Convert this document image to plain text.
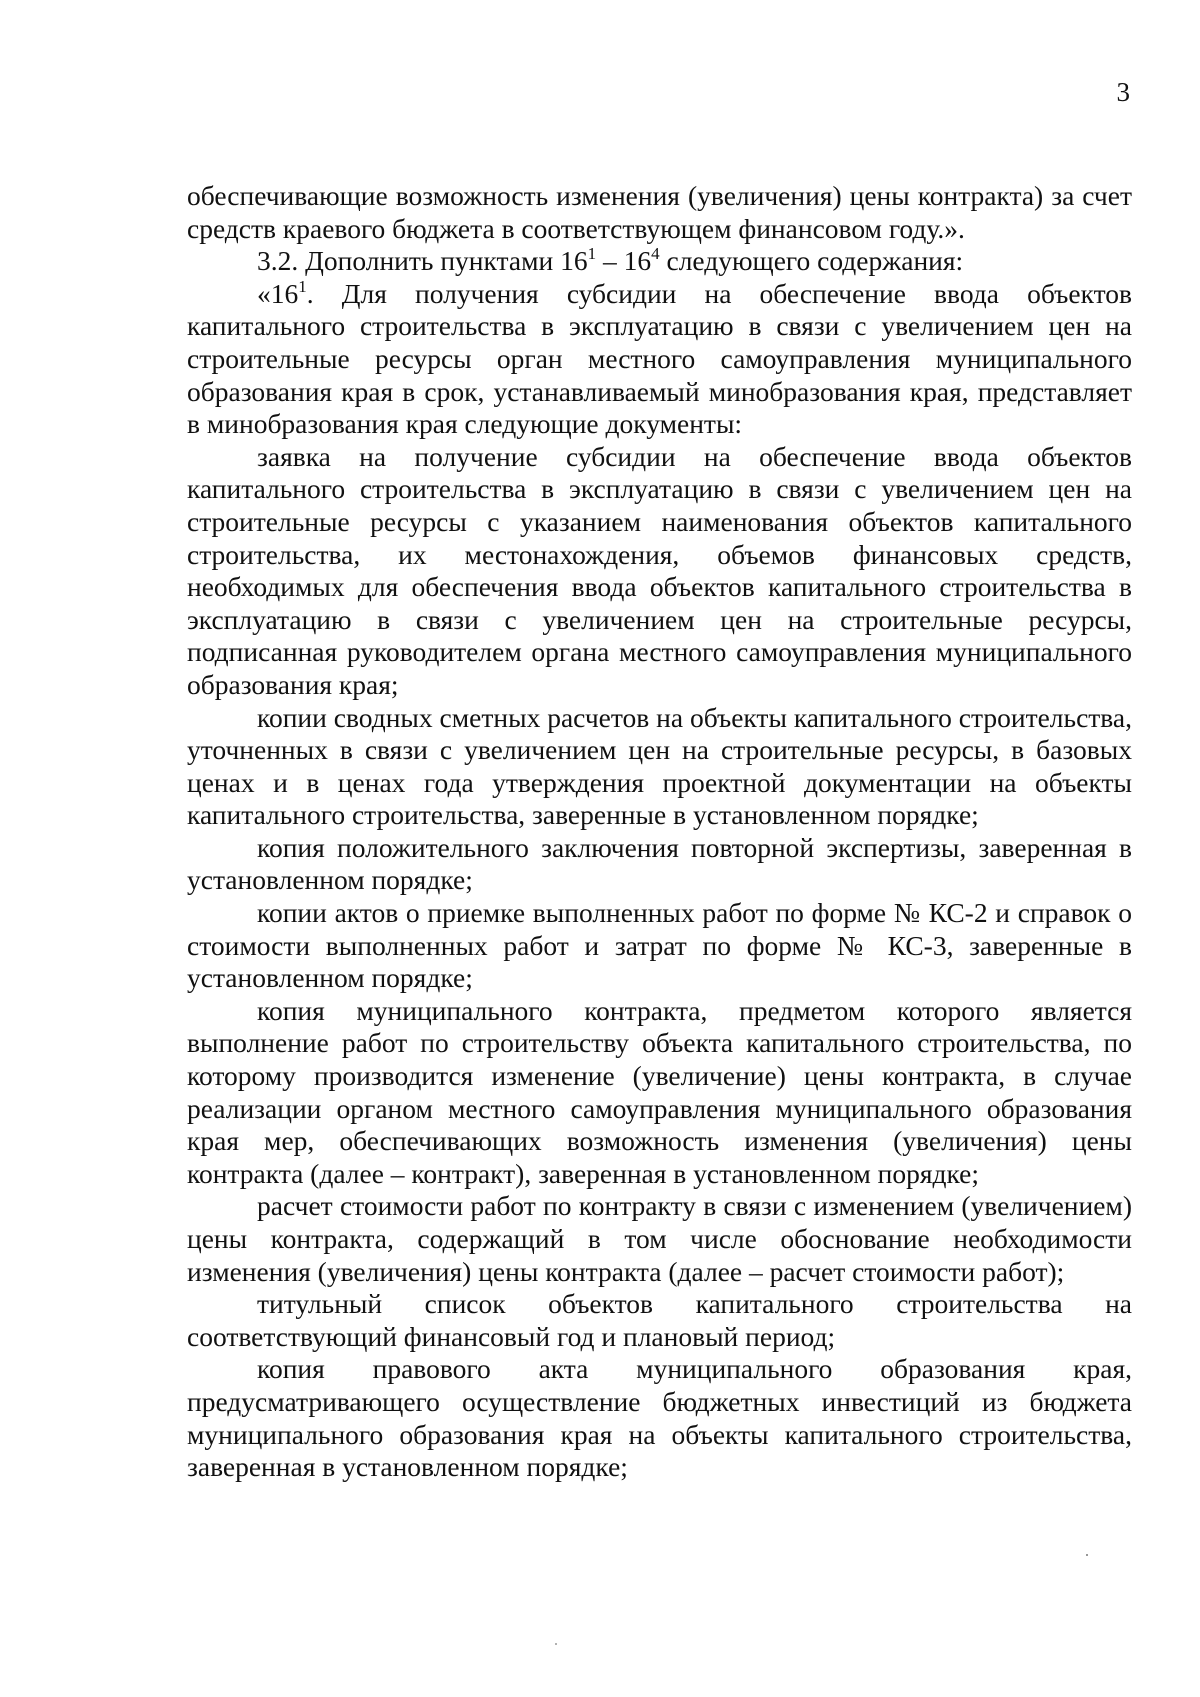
3

обеспечивающие возможность изменения (увеличения) цены контракта) за счет средств краевого бюджета в соответствующем финансовом году.».

3.2. Дополнить пунктами $16^1 - 16^4$ следующего содержания:

«$16^1$. Для получения субсидии на обеспечение ввода объектов капитального строительства в эксплуатацию в связи с увеличением цен на строительные ресурсы орган местного самоуправления муниципального образования края в срок, устанавливаемый минобразования края, представляет в минобразования края следующие документы:

заявка на получение субсидии на обеспечение ввода объектов капитального строительства в эксплуатацию в связи с увеличением цен на строительные ресурсы с указанием наименования объектов капитального строительства, их местонахождения, объемов финансовых средств, необходимых для обеспечения ввода объектов капитального строительства в эксплуатацию в связи с увеличением цен на строительные ресурсы, подписанная руководителем органа местного самоуправления муниципального образования края;

копии сводных сметных расчетов на объекты капитального строительства, уточненных в связи с увеличением цен на строительные ресурсы, в базовых ценах и в ценах года утверждения проектной документации на объекты капитального строительства, заверенные в установленном порядке;

копия положительного заключения повторной экспертизы, заверенная в установленном порядке;

копии актов о приемке выполненных работ по форме № КС-2 и справок о стоимости выполненных работ и затрат по форме № КС-3, заверенные в установленном порядке;

копия муниципального контракта, предметом которого является выполнение работ по строительству объекта капитального строительства, по которому производится изменение (увеличение) цены контракта, в случае реализации органом местного самоуправления муниципального образования края мер, обеспечивающих возможность изменения (увеличения) цены контракта (далее – контракт), заверенная в установленном порядке;

расчет стоимости работ по контракту в связи с изменением (увеличением) цены контракта, содержащий в том числе обоснование необходимости изменения (увеличения) цены контракта (далее – расчет стоимости работ);

титульный список объектов капитального строительства на соответствующий финансовый год и плановый период;

копия правового акта муниципального образования края, предусматривающего осуществление бюджетных инвестиций из бюджета муниципального образования края на объекты капитального строительства, заверенная в установленном порядке;
